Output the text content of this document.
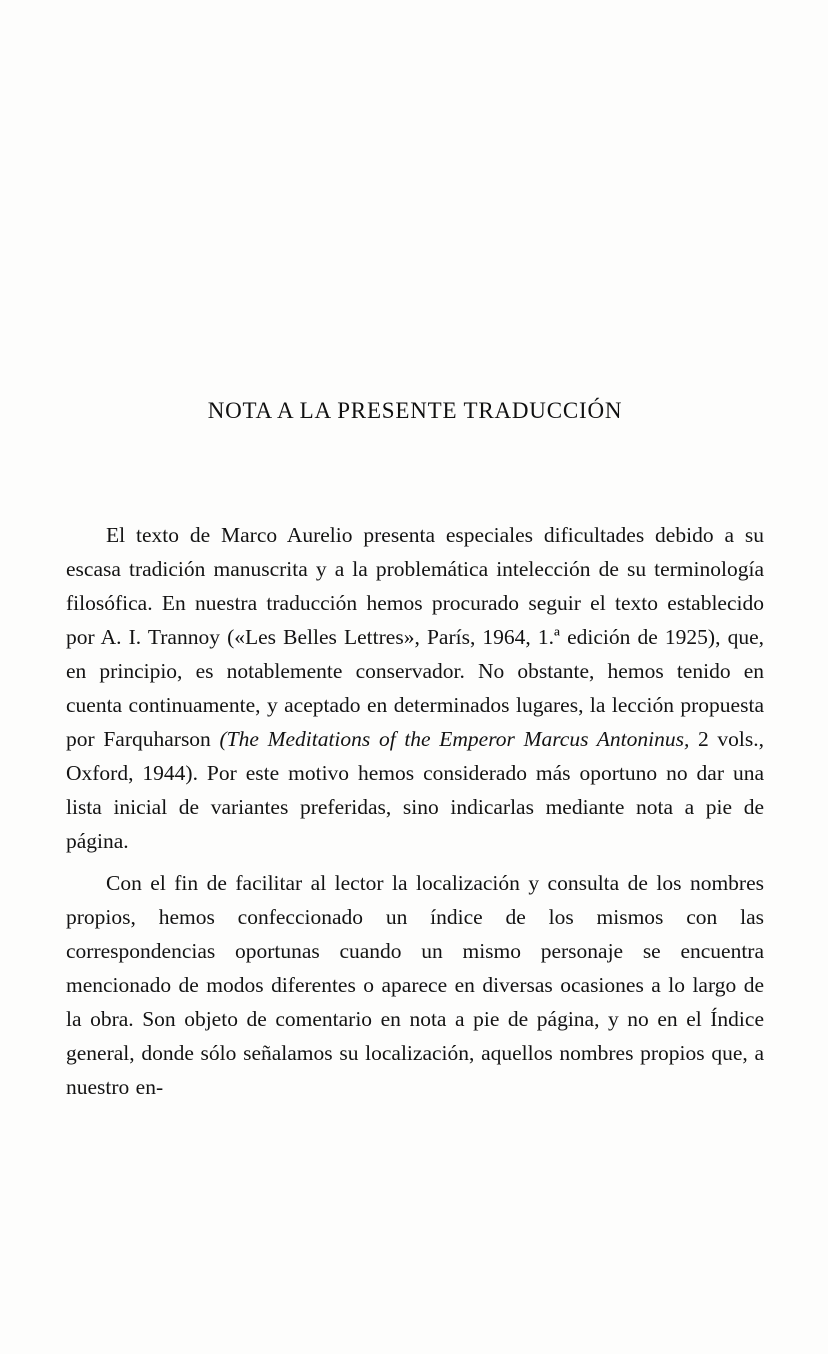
NOTA A LA PRESENTE TRADUCCIÓN

El texto de Marco Aurelio presenta especiales dificultades debido a su escasa tradición manuscrita y a la problemática intelección de su terminología filosófica. En nuestra traducción hemos procurado seguir el texto establecido por A. I. Trannoy («Les Belles Lettres», París, 1964, 1.ª edición de 1925), que, en principio, es notablemente conservador. No obstante, hemos tenido en cuenta continuamente, y aceptado en determinados lugares, la lección propuesta por Farquharson (The Meditations of the Emperor Marcus Antoninus, 2 vols., Oxford, 1944). Por este motivo hemos considerado más oportuno no dar una lista inicial de variantes preferidas, sino indicarlas mediante nota a pie de página.

Con el fin de facilitar al lector la localización y consulta de los nombres propios, hemos confeccionado un índice de los mismos con las correspondencias oportunas cuando un mismo personaje se encuentra mencionado de modos diferentes o aparece en diversas ocasiones a lo largo de la obra. Son objeto de comentario en nota a pie de página, y no en el Índice general, donde sólo señalamos su localización, aquellos nombres propios que, a nuestro en-
